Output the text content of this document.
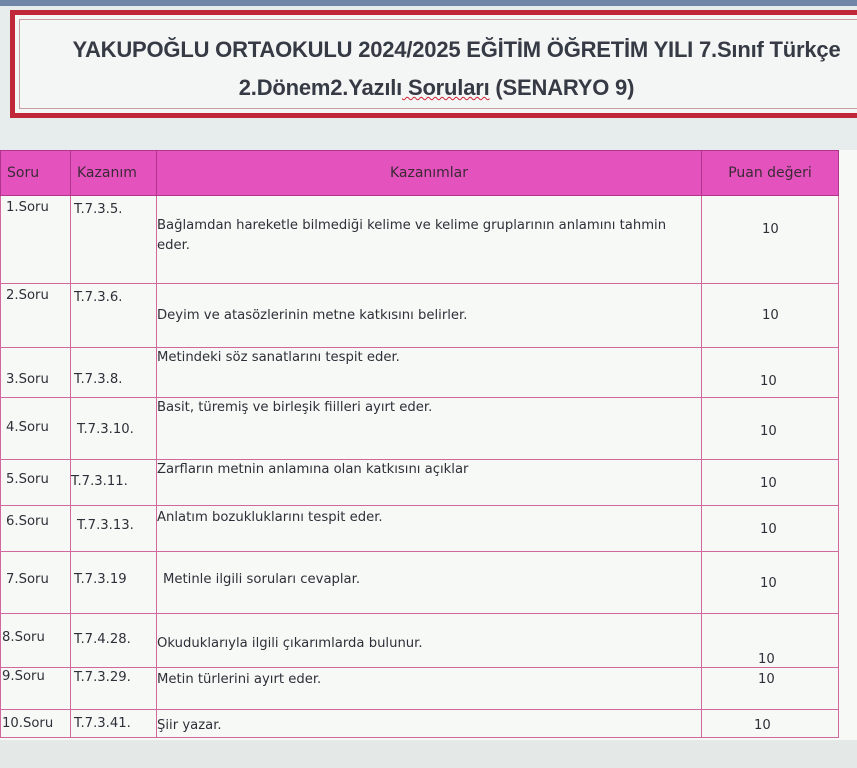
YAKUPOĞLU ORTAOKULU 2024/2025 EĞİTİM ÖĞRETİM YILI 7.Sınıf Türkçe
2.Dönem2.Yazılı Soruları (SENARYO 9)
Soru	Kazanım	Kazanımlar	Puan değeri

1.Soru	T.7.3.5.	Bağlamdan hareketle bilmediği kelime ve kelime gruplarının anlamını tahmin eder.	10

2.Soru	T.7.3.6.	Deyim ve atasözlerinin metne katkısını belirler.	10

3.Soru	T.7.3.8.	Metindeki söz sanatlarını tespit eder.	10

4.Soru	T.7.3.10.	Basit, türemiş ve birleşik fiilleri ayırt eder.	10

5.Soru	T.7.3.11.	Zarfların metnin anlamına olan katkısını açıklar	10

6.Soru	T.7.3.13.	Anlatım bozukluklarını tespit eder.	10

7.Soru	T.7.3.19	Metinle ilgili soruları cevaplar.	10

8.Soru	T.7.4.28.	Okuduklarıyla ilgili çıkarımlarda bulunur.	10

9.Soru	T.7.3.29.	Metin türlerini ayırt eder.	10

10.Soru	T.7.3.41.	Şiir yazar.	10
